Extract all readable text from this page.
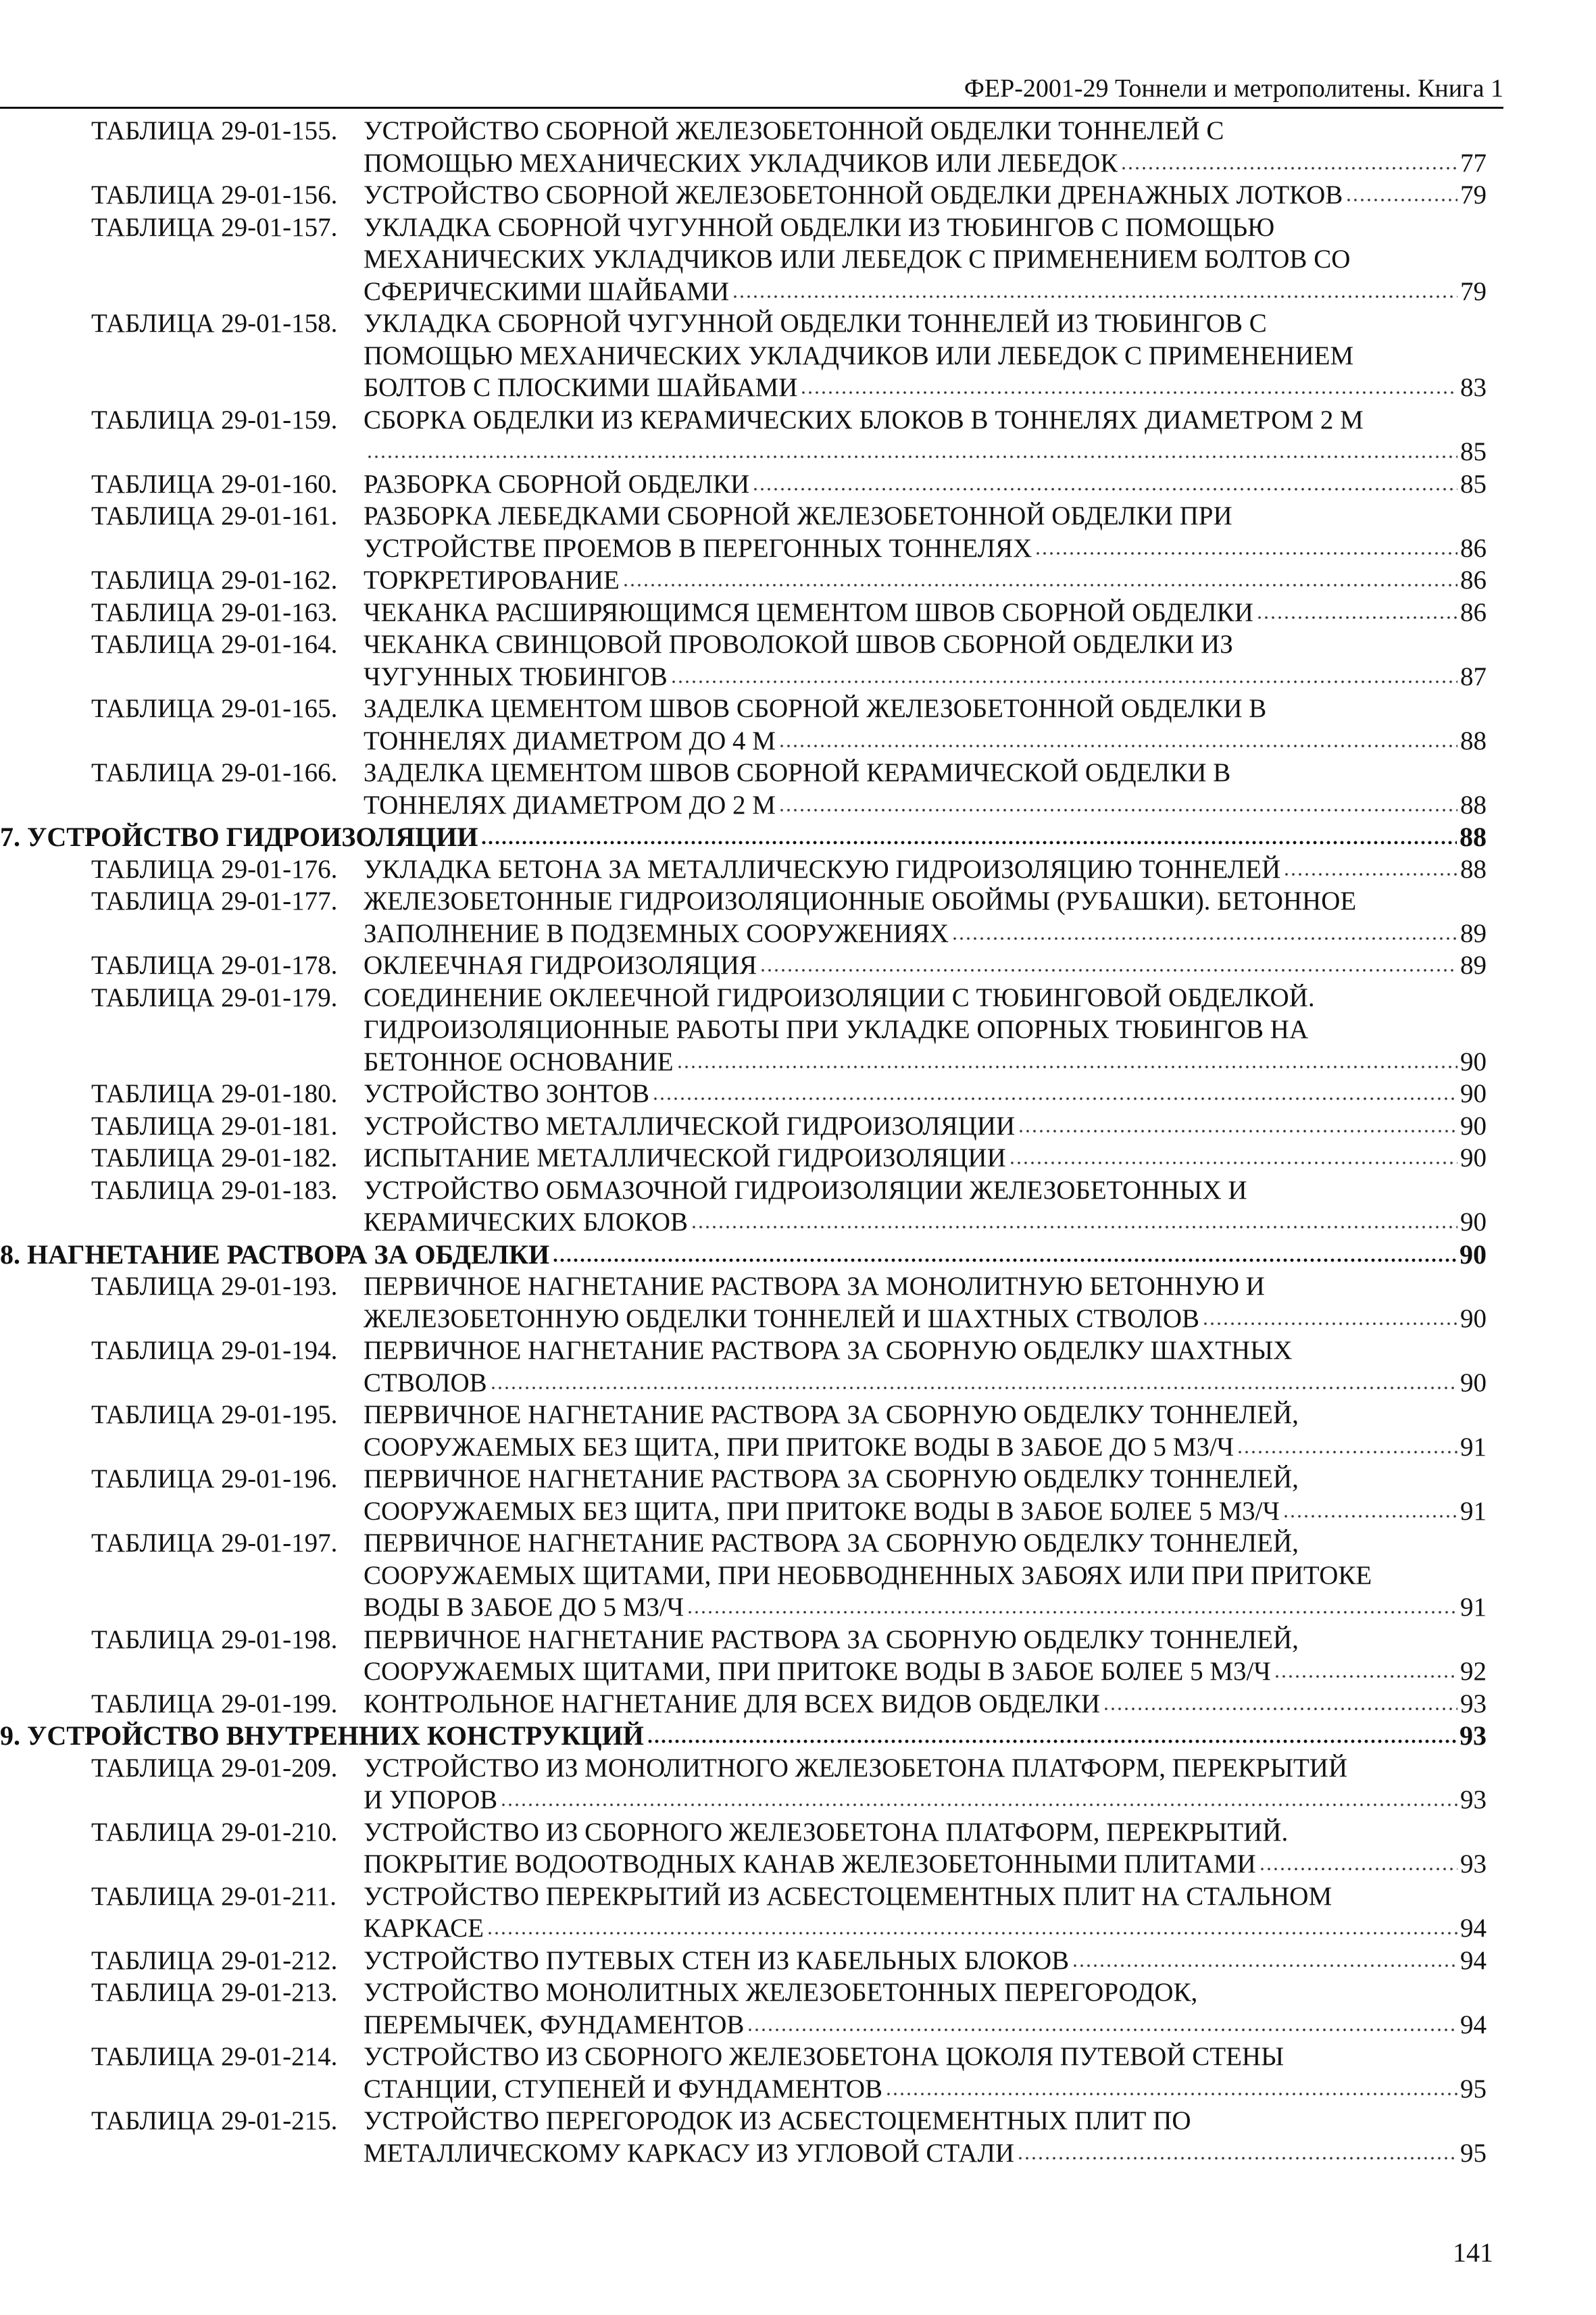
ФЕР-2001-29 Тоннели и метрополитены. Книга 1
ТАБЛИЦА 29-01-155. УСТРОЙСТВО СБОРНОЙ ЖЕЛЕЗОБЕТОННОЙ ОБДЕЛКИ ТОННЕЛЕЙ С
ПОМОЩЬЮ МЕХАНИЧЕСКИХ УКЛАДЧИКОВ ИЛИ ЛЕБЕДОК	77
ТАБЛИЦА 29-01-156. УСТРОЙСТВО СБОРНОЙ ЖЕЛЕЗОБЕТОННОЙ ОБДЕЛКИ ДРЕНАЖНЫХ ЛОТКОВ	79
ТАБЛИЦА 29-01-157. УКЛАДКА СБОРНОЙ ЧУГУННОЙ ОБДЕЛКИ ИЗ ТЮБИНГОВ С ПОМОЩЬЮ
МЕХАНИЧЕСКИХ УКЛАДЧИКОВ ИЛИ ЛЕБЕДОК С ПРИМЕНЕНИЕМ БОЛТОВ СО
СФЕРИЧЕСКИМИ ШАЙБАМИ	79
ТАБЛИЦА 29-01-158. УКЛАДКА СБОРНОЙ ЧУГУННОЙ ОБДЕЛКИ ТОННЕЛЕЙ ИЗ ТЮБИНГОВ С
ПОМОЩЬЮ МЕХАНИЧЕСКИХ УКЛАДЧИКОВ ИЛИ ЛЕБЕДОК С ПРИМЕНЕНИЕМ
БОЛТОВ С ПЛОСКИМИ ШАЙБАМИ	83
ТАБЛИЦА 29-01-159. СБОРКА ОБДЕЛКИ ИЗ КЕРАМИЧЕСКИХ БЛОКОВ В ТОННЕЛЯХ ДИАМЕТРОМ 2 М
85
ТАБЛИЦА 29-01-160. РАЗБОРКА СБОРНОЙ ОБДЕЛКИ	85
ТАБЛИЦА 29-01-161. РАЗБОРКА ЛЕБЕДКАМИ СБОРНОЙ ЖЕЛЕЗОБЕТОННОЙ ОБДЕЛКИ ПРИ
УСТРОЙСТВЕ ПРОЕМОВ В ПЕРЕГОННЫХ ТОННЕЛЯХ	86
ТАБЛИЦА 29-01-162. ТОРКРЕТИРОВАНИЕ	86
ТАБЛИЦА 29-01-163. ЧЕКАНКА РАСШИРЯЮЩИМСЯ ЦЕМЕНТОМ ШВОВ СБОРНОЙ ОБДЕЛКИ	86
ТАБЛИЦА 29-01-164. ЧЕКАНКА СВИНЦОВОЙ ПРОВОЛОКОЙ ШВОВ СБОРНОЙ ОБДЕЛКИ ИЗ
ЧУГУННЫХ ТЮБИНГОВ	87
ТАБЛИЦА 29-01-165. ЗАДЕЛКА ЦЕМЕНТОМ ШВОВ СБОРНОЙ ЖЕЛЕЗОБЕТОННОЙ ОБДЕЛКИ В
ТОННЕЛЯХ ДИАМЕТРОМ ДО 4 М	88
ТАБЛИЦА 29-01-166. ЗАДЕЛКА ЦЕМЕНТОМ ШВОВ СБОРНОЙ КЕРАМИЧЕСКОЙ ОБДЕЛКИ В
ТОННЕЛЯХ ДИАМЕТРОМ ДО 2 М	88
7. УСТРОЙСТВО ГИДРОИЗОЛЯЦИИ	88
ТАБЛИЦА 29-01-176. УКЛАДКА БЕТОНА ЗА МЕТАЛЛИЧЕСКУЮ ГИДРОИЗОЛЯЦИЮ ТОННЕЛЕЙ	88
ТАБЛИЦА 29-01-177. ЖЕЛЕЗОБЕТОННЫЕ ГИДРОИЗОЛЯЦИОННЫЕ ОБОЙМЫ (РУБАШКИ). БЕТОННОЕ
ЗАПОЛНЕНИЕ В ПОДЗЕМНЫХ СООРУЖЕНИЯХ	89
ТАБЛИЦА 29-01-178. ОКЛЕЕЧНАЯ ГИДРОИЗОЛЯЦИЯ	89
ТАБЛИЦА 29-01-179. СОЕДИНЕНИЕ ОКЛЕЕЧНОЙ ГИДРОИЗОЛЯЦИИ С ТЮБИНГОВОЙ ОБДЕЛКОЙ.
ГИДРОИЗОЛЯЦИОННЫЕ РАБОТЫ ПРИ УКЛАДКЕ ОПОРНЫХ ТЮБИНГОВ НА
БЕТОННОЕ ОСНОВАНИЕ	90
ТАБЛИЦА 29-01-180. УСТРОЙСТВО ЗОНТОВ	90
ТАБЛИЦА 29-01-181. УСТРОЙСТВО МЕТАЛЛИЧЕСКОЙ ГИДРОИЗОЛЯЦИИ	90
ТАБЛИЦА 29-01-182. ИСПЫТАНИЕ МЕТАЛЛИЧЕСКОЙ ГИДРОИЗОЛЯЦИИ	90
ТАБЛИЦА 29-01-183. УСТРОЙСТВО ОБМАЗОЧНОЙ ГИДРОИЗОЛЯЦИИ ЖЕЛЕЗОБЕТОННЫХ И
КЕРАМИЧЕСКИХ БЛОКОВ	90
8. НАГНЕТАНИЕ РАСТВОРА ЗА ОБДЕЛКИ	90
ТАБЛИЦА 29-01-193. ПЕРВИЧНОЕ НАГНЕТАНИЕ РАСТВОРА ЗА МОНОЛИТНУЮ БЕТОННУЮ И
ЖЕЛЕЗОБЕТОННУЮ ОБДЕЛКИ ТОННЕЛЕЙ И ШАХТНЫХ СТВОЛОВ	90
ТАБЛИЦА 29-01-194. ПЕРВИЧНОЕ НАГНЕТАНИЕ РАСТВОРА ЗА СБОРНУЮ ОБДЕЛКУ ШАХТНЫХ
СТВОЛОВ	90
ТАБЛИЦА 29-01-195. ПЕРВИЧНОЕ НАГНЕТАНИЕ РАСТВОРА ЗА СБОРНУЮ ОБДЕЛКУ ТОННЕЛЕЙ,
СООРУЖАЕМЫХ БЕЗ ЩИТА, ПРИ ПРИТОКЕ ВОДЫ В ЗАБОЕ ДО 5 М3/Ч	91
ТАБЛИЦА 29-01-196. ПЕРВИЧНОЕ НАГНЕТАНИЕ РАСТВОРА ЗА СБОРНУЮ ОБДЕЛКУ ТОННЕЛЕЙ,
СООРУЖАЕМЫХ БЕЗ ЩИТА, ПРИ ПРИТОКЕ ВОДЫ В ЗАБОЕ БОЛЕЕ 5 М3/Ч	91
ТАБЛИЦА 29-01-197. ПЕРВИЧНОЕ НАГНЕТАНИЕ РАСТВОРА ЗА СБОРНУЮ ОБДЕЛКУ ТОННЕЛЕЙ,
СООРУЖАЕМЫХ ЩИТАМИ, ПРИ НЕОБВОДНЕННЫХ ЗАБОЯХ ИЛИ ПРИ ПРИТОКЕ
ВОДЫ В ЗАБОЕ ДО 5 М3/Ч	91
ТАБЛИЦА 29-01-198. ПЕРВИЧНОЕ НАГНЕТАНИЕ РАСТВОРА ЗА СБОРНУЮ ОБДЕЛКУ ТОННЕЛЕЙ,
СООРУЖАЕМЫХ ЩИТАМИ, ПРИ ПРИТОКЕ ВОДЫ В ЗАБОЕ БОЛЕЕ 5 М3/Ч	92
ТАБЛИЦА 29-01-199. КОНТРОЛЬНОЕ НАГНЕТАНИЕ ДЛЯ ВСЕХ ВИДОВ ОБДЕЛКИ	93
9. УСТРОЙСТВО ВНУТРЕННИХ КОНСТРУКЦИЙ	93
ТАБЛИЦА 29-01-209. УСТРОЙСТВО ИЗ МОНОЛИТНОГО ЖЕЛЕЗОБЕТОНА ПЛАТФОРМ, ПЕРЕКРЫТИЙ
И УПОРОВ	93
ТАБЛИЦА 29-01-210. УСТРОЙСТВО ИЗ СБОРНОГО ЖЕЛЕЗОБЕТОНА ПЛАТФОРМ, ПЕРЕКРЫТИЙ.
ПОКРЫТИЕ ВОДООТВОДНЫХ КАНАВ ЖЕЛЕЗОБЕТОННЫМИ ПЛИТАМИ	93
ТАБЛИЦА 29-01-211.	УСТРОЙСТВО ПЕРЕКРЫТИЙ ИЗ АСБЕСТОЦЕМЕНТНЫХ ПЛИТ НА СТАЛЬНОМ
КАРКАСЕ	94
ТАБЛИЦА 29-01-212. УСТРОЙСТВО ПУТЕВЫХ СТЕН ИЗ КАБЕЛЬНЫХ БЛОКОВ	94
ТАБЛИЦА 29-01-213. УСТРОЙСТВО МОНОЛИТНЫХ ЖЕЛЕЗОБЕТОННЫХ ПЕРЕГОРОДОК,
ПЕРЕМЫЧЕК, ФУНДАМЕНТОВ	94
ТАБЛИЦА 29-01-214. УСТРОЙСТВО ИЗ СБОРНОГО ЖЕЛЕЗОБЕТОНА ЦОКОЛЯ ПУТЕВОЙ СТЕНЫ
СТАНЦИИ, СТУПЕНЕЙ И ФУНДАМЕНТОВ	95
ТАБЛИЦА 29-01-215. УСТРОЙСТВО ПЕРЕГОРОДОК ИЗ АСБЕСТОЦЕМЕНТНЫХ ПЛИТ ПО
МЕТАЛЛИЧЕСКОМУ КАРКАСУ ИЗ УГЛОВОЙ СТАЛИ	95
141
